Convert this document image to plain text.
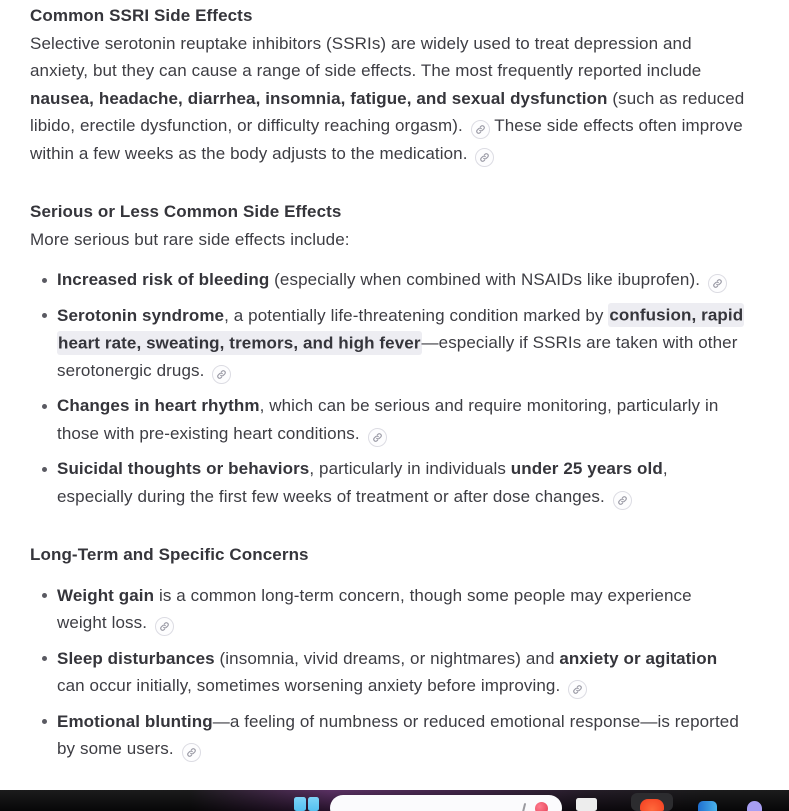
Common SSRI Side Effects

Selective serotonin reuptake inhibitors (SSRIs) are widely used to treat depression and anxiety, but they can cause a range of side effects. The most frequently reported include nausea, headache, diarrhea, insomnia, fatigue, and sexual dysfunction (such as reduced libido, erectile dysfunction, or difficulty reaching orgasm).
These side effects often improve within a few weeks as the body adjusts to the medication.

Serious or Less Common Side Effects

More serious but rare side effects include:

Increased risk of bleeding (especially when combined with NSAIDs like ibuprofen).
Serotonin syndrome, a potentially life-threatening condition marked by confusion, rapid heart rate, sweating, tremors, and high fever—especially if SSRIs are taken with other serotonergic drugs.
Changes in heart rhythm, which can be serious and require monitoring, particularly in those with pre-existing heart conditions.
Suicidal thoughts or behaviors, particularly in individuals under 25 years old, especially during the first few weeks of treatment or after dose changes.
Long-Term and Specific Concerns
Weight gain is a common long-term concern, though some people may experience weight loss.
Sleep disturbances (insomnia, vivid dreams, or nightmares) and anxiety or agitation can occur initially, sometimes worsening anxiety before improving.
Emotional blunting—a feeling of numbness or reduced emotional response—is reported by some users.
